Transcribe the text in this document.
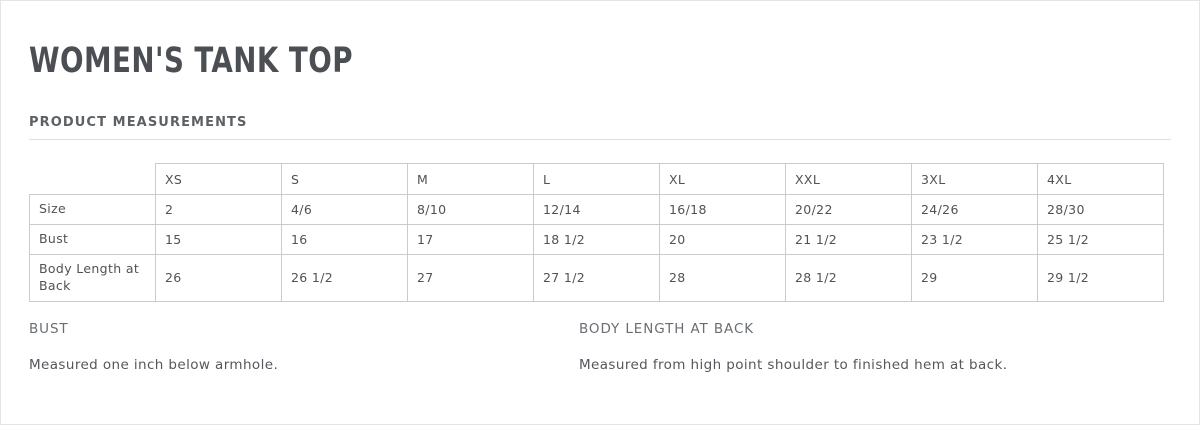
WOMEN'S TANK TOP
PRODUCT MEASUREMENTS
	XS	S	M	L	XL	XXL	3XL	4XL
Size	2	4/6	8/10	12/14	16/18	20/22	24/26	28/30
Bust	15	16	17	18 1/2	20	21 1/2	23 1/2	25 1/2
Body Length at Back	26	26 1/2	27	27 1/2	28	28 1/2	29	29 1/2
BUST
Measured one inch below armhole.
BODY LENGTH AT BACK
Measured from high point shoulder to finished hem at back.
